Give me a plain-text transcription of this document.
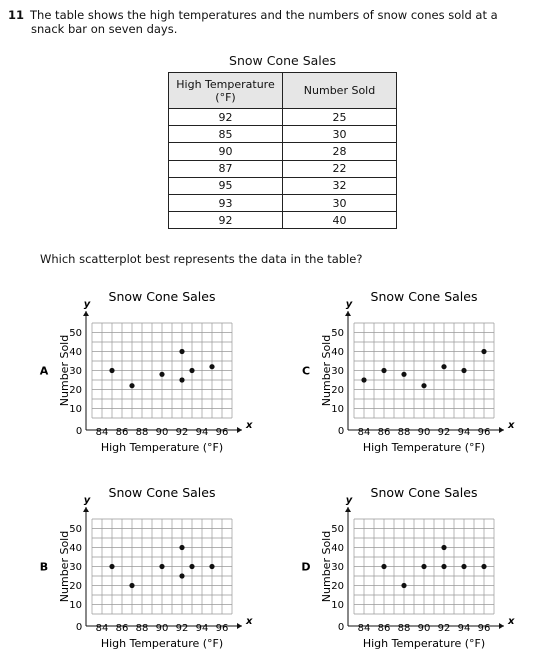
11 The table shows the high temperatures and the numbers of snow cones sold at a
snack bar on seven days.
Snow Cone Sales
High Temperature (°F)	Number Sold
92	25
85	30
90	28
87	22
95	32
93	30
92	40
Which scatterplot best represents the data in the table?
Snow Cone Sales
x
y
0 84 86 88 90 92 94 96
10
20
30
40
50
High Temperature (°F)
Number Sold
A
Snow Cone Sales
x
y
0 84 86 88 90 92 94 96
10
20
30
40
50
High Temperature (°F)
Number Sold
C
Snow Cone Sales
x
y
0 84 86 88 90 92 94 96
10
20
30
40
50
High Temperature (°F)
Number Sold
B
Snow Cone Sales
x
y
0 84 86 88 90 92 94 96
10
20
30
40
50
High Temperature (°F)
Number Sold
D
